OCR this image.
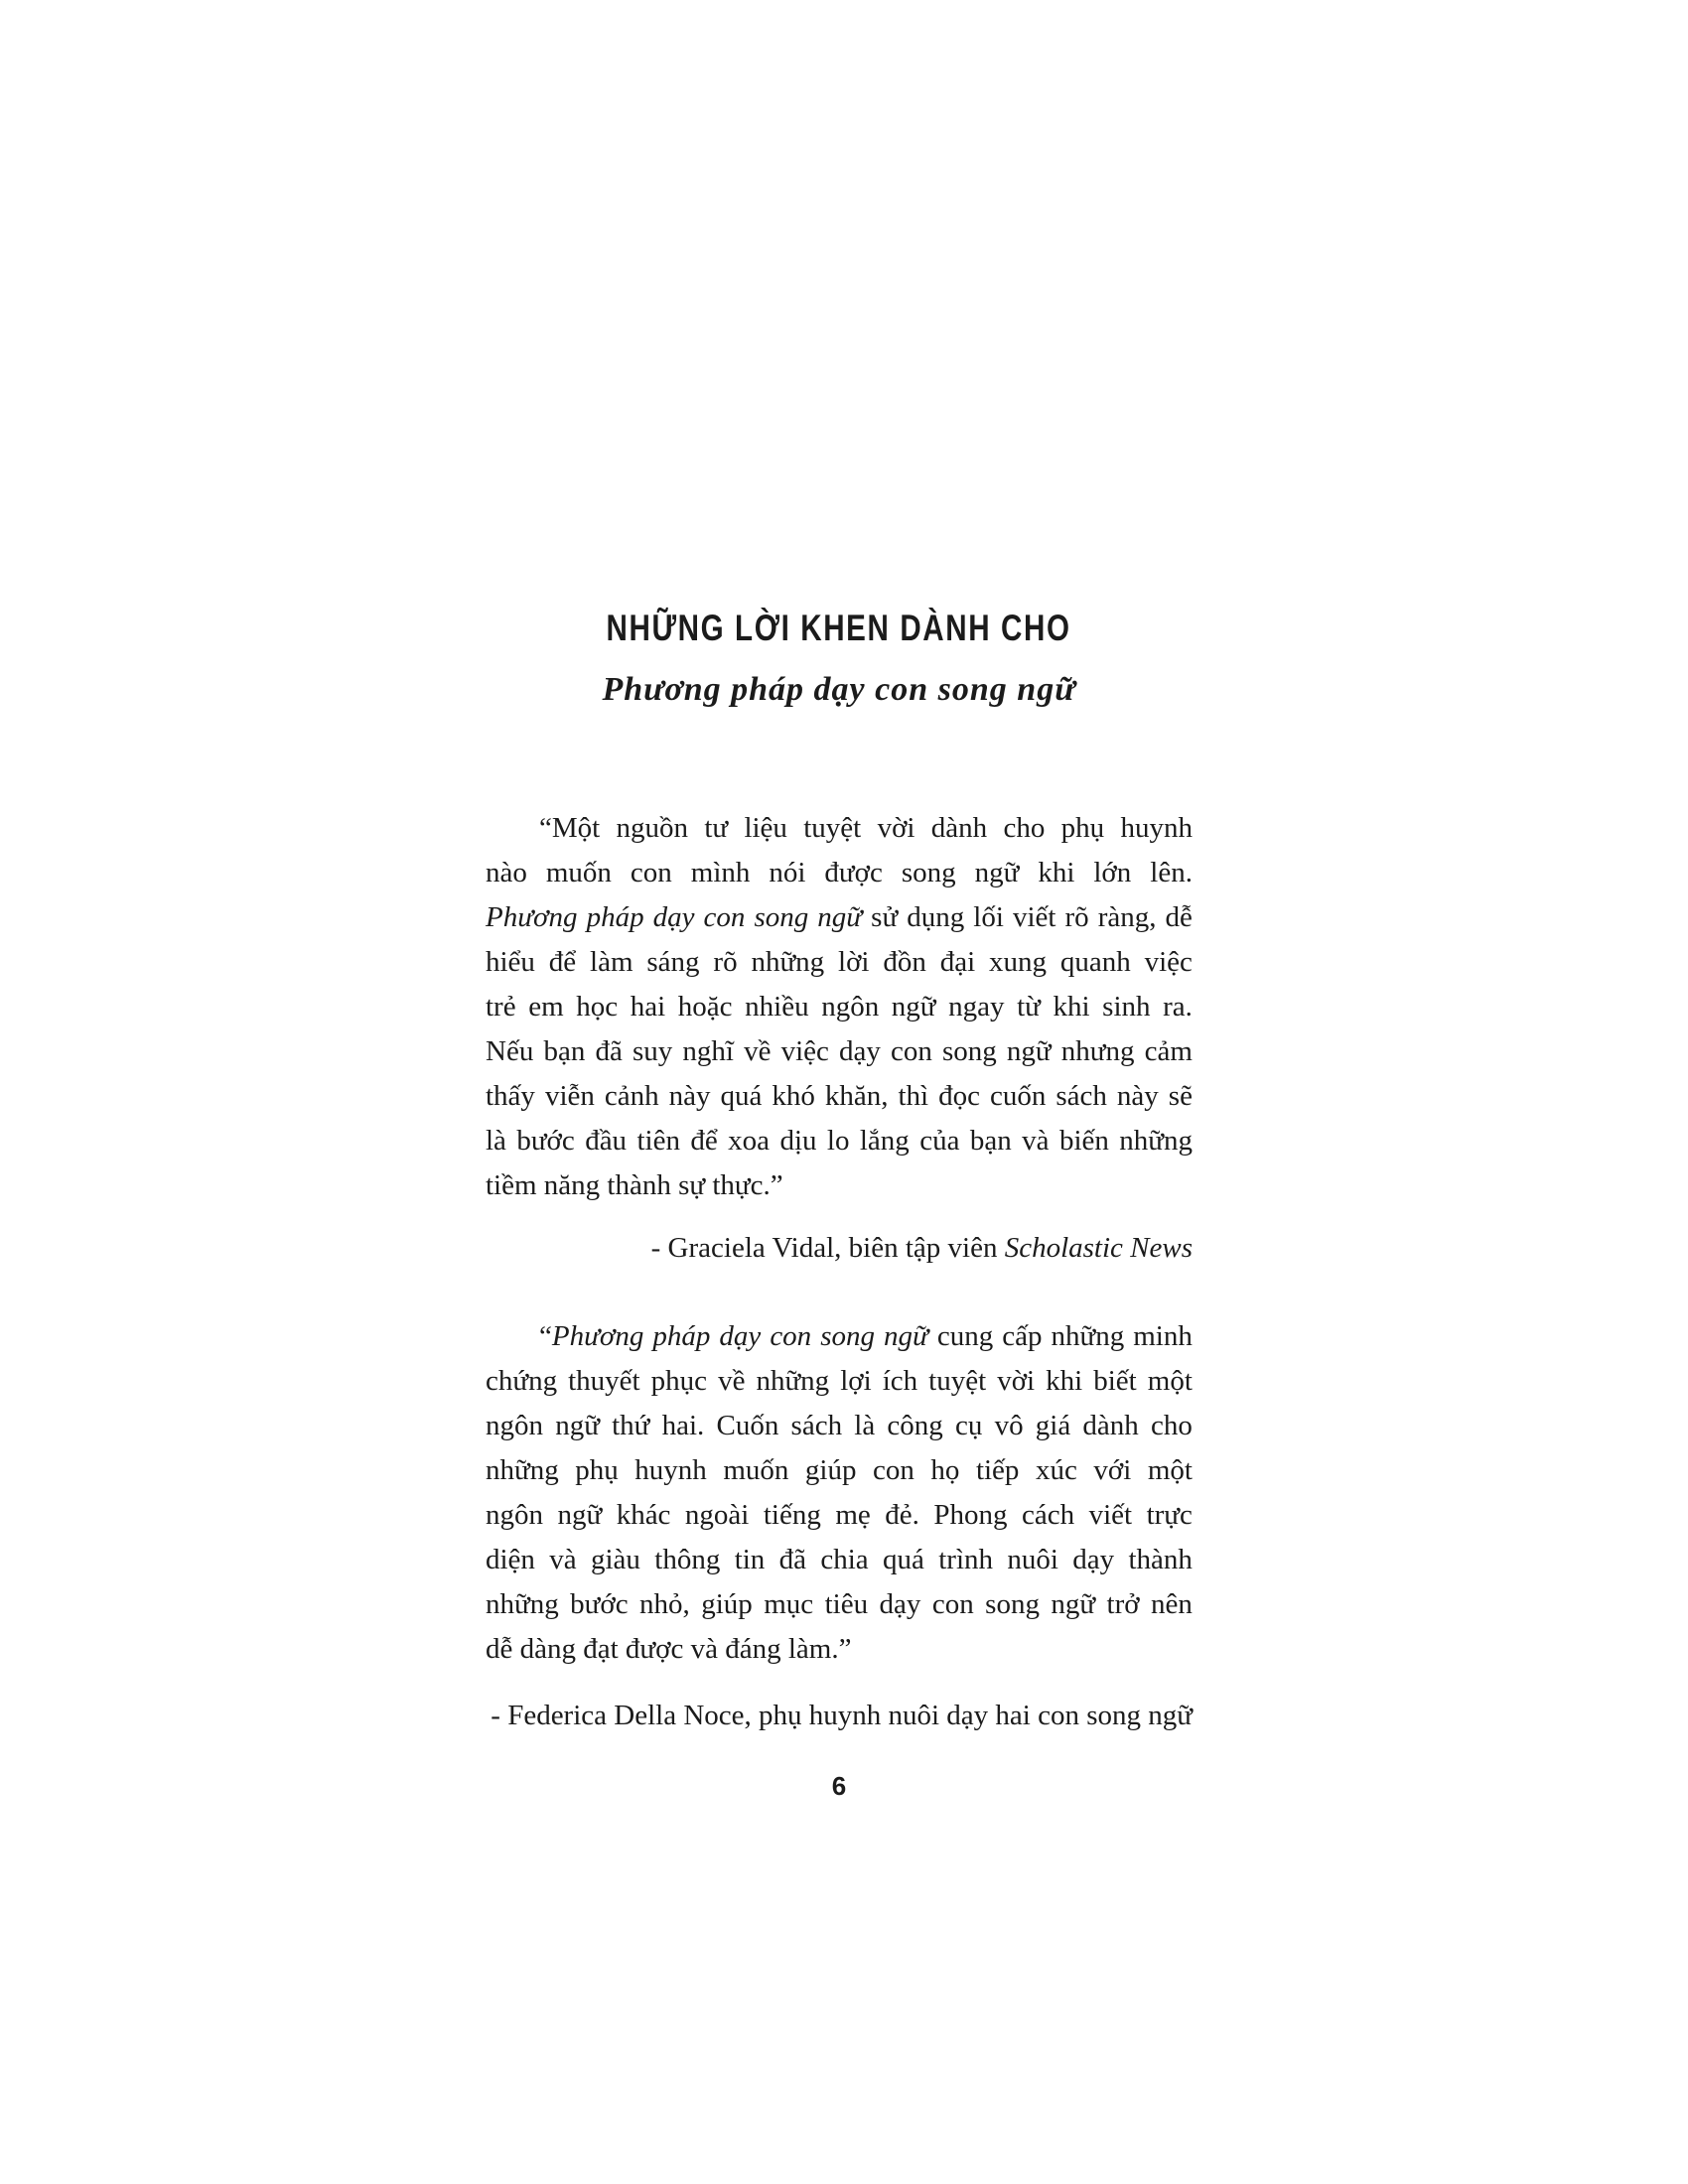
NHỮNG LỜI KHEN DÀNH CHO
Phương pháp dạy con song ngữ
“Một nguồn tư liệu tuyệt vời dành cho phụ huynh
nào muốn con mình nói được song ngữ khi lớn lên.
Phương pháp dạy con song ngữ sử dụng lối viết rõ ràng, dễ
hiểu để làm sáng rõ những lời đồn đại xung quanh việc
trẻ em học hai hoặc nhiều ngôn ngữ ngay từ khi sinh ra.
Nếu bạn đã suy nghĩ về việc dạy con song ngữ nhưng cảm
thấy viễn cảnh này quá khó khăn, thì đọc cuốn sách này sẽ
là bước đầu tiên để xoa dịu lo lắng của bạn và biến những
tiềm năng thành sự thực.”
- Graciela Vidal, biên tập viên Scholastic News
“Phương pháp dạy con song ngữ cung cấp những minh
chứng thuyết phục về những lợi ích tuyệt vời khi biết một
ngôn ngữ thứ hai. Cuốn sách là công cụ vô giá dành cho
những phụ huynh muốn giúp con họ tiếp xúc với một
ngôn ngữ khác ngoài tiếng mẹ đẻ. Phong cách viết trực
diện và giàu thông tin đã chia quá trình nuôi dạy thành
những bước nhỏ, giúp mục tiêu dạy con song ngữ trở nên
dễ dàng đạt được và đáng làm.”
- Federica Della Noce, phụ huynh nuôi dạy hai con song ngữ
6
